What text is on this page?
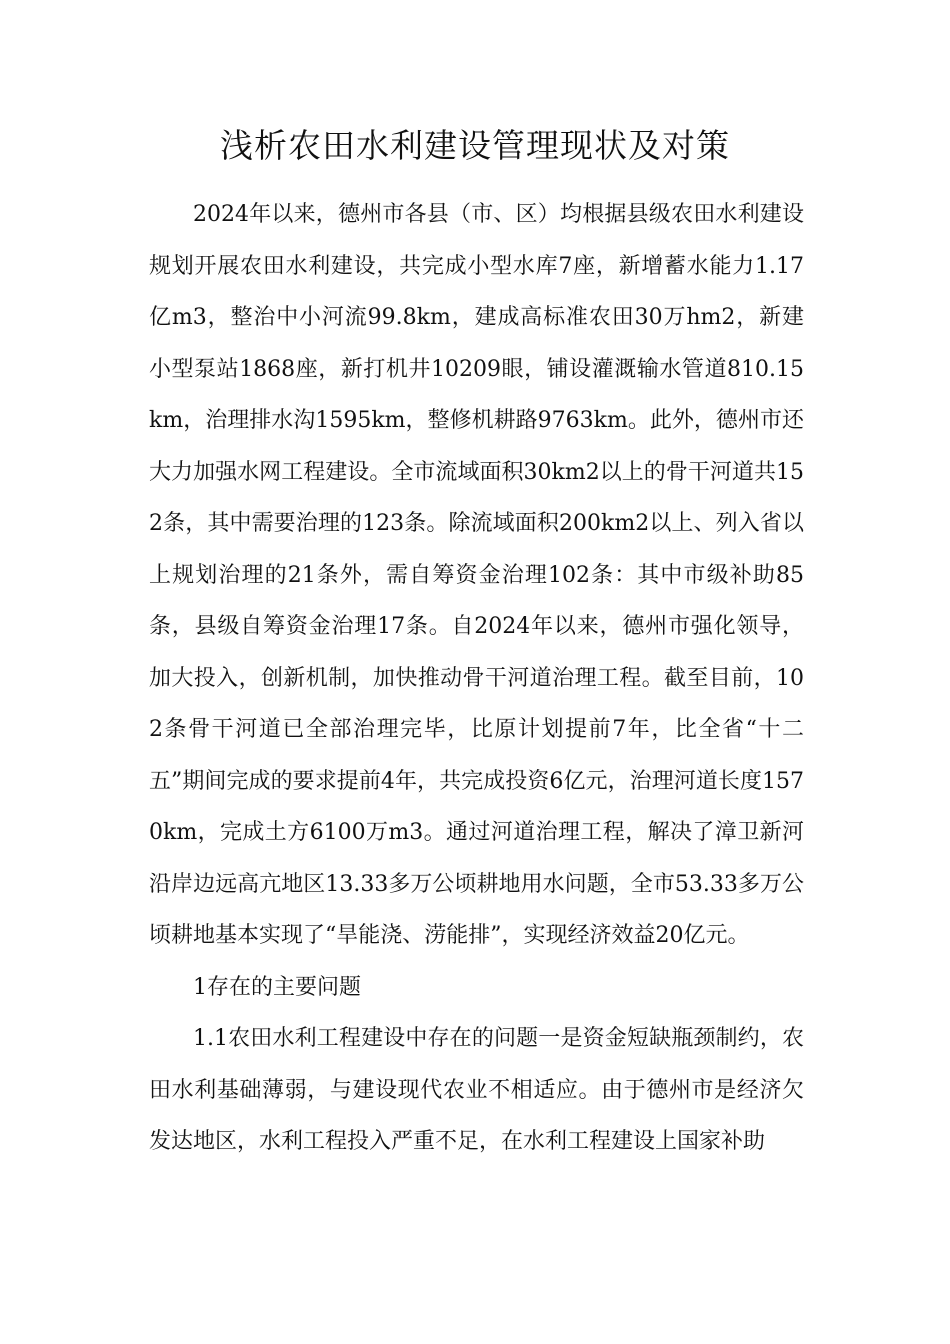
浅析农田水利建设管理现状及对策

2024年以来，德州市各县（市、区）均根据县级农田水利建设规划开展农田水利建设，共完成小型水库7座，新增蓄水能力1.17亿m3，整治中小河流99.8km，建成高标准农田30万hm2，新建小型泵站1868座，新打机井10209眼，铺设灌溉输水管道810.15km，治理排水沟1595km，整修机耕路9763km。此外，德州市还大力加强水网工程建设。全市流域面积30km2以上的骨干河道共152条，其中需要治理的123条。除流域面积200km2以上、列入省以上规划治理的21条外，需自筹资金治理102条：其中市级补助85条，县级自筹资金治理17条。自2024年以来，德州市强化领导，加大投入，创新机制，加快推动骨干河道治理工程。截至目前，102条骨干河道已全部治理完毕，比原计划提前7年，比全省“十二五”期间完成的要求提前4年，共完成投资6亿元，治理河道长度1570km，完成土方6100万m3。通过河道治理工程，解决了漳卫新河沿岸边远高亢地区13.33多万公顷耕地用水问题，全市53.33多万公顷耕地基本实现了“旱能浇、涝能排”，实现经济效益20亿元。

1存在的主要问题

1.1农田水利工程建设中存在的问题一是资金短缺瓶颈制约，农田水利基础薄弱，与建设现代农业不相适应。由于德州市是经济欠发达地区，水利工程投入严重不足，在水利工程建设上国家补助
